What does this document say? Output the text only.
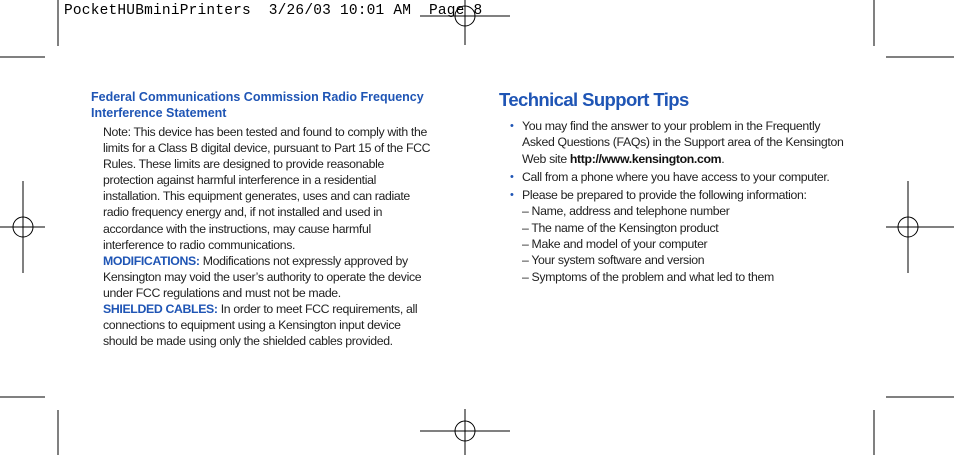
PocketHUBminiPrinters  3/26/03 10:01 AM  Page 8
Federal Communications Commission Radio Frequency Interference Statement

Note: This device has been tested and found to comply with the limits for a Class B digital device, pursuant to Part 15 of the FCC Rules. These limits are designed to provide reasonable protection against harmful interference in a residential installation. This equipment generates, uses and can radiate radio frequency energy and, if not installed and used in accordance with the instructions, may cause harmful interference to radio communications.

MODIFICATIONS: Modifications not expressly approved by Kensington may void the user’s authority to operate the device under FCC regulations and must not be made.

SHIELDED CABLES: In order to meet FCC requirements, all connections to equipment using a Kensington input device should be made using only the shielded cables provided.

Technical Support Tips
• You may find the answer to your problem in the Frequently Asked Questions (FAQs) in the Support area of the Kensington Web site http://www.kensington.com.
• Call from a phone where you have access to your computer.
• Please be prepared to provide the following information:
– Name, address and telephone number
– The name of the Kensington product
– Make and model of your computer
– Your system software and version
– Symptoms of the problem and what led to them
